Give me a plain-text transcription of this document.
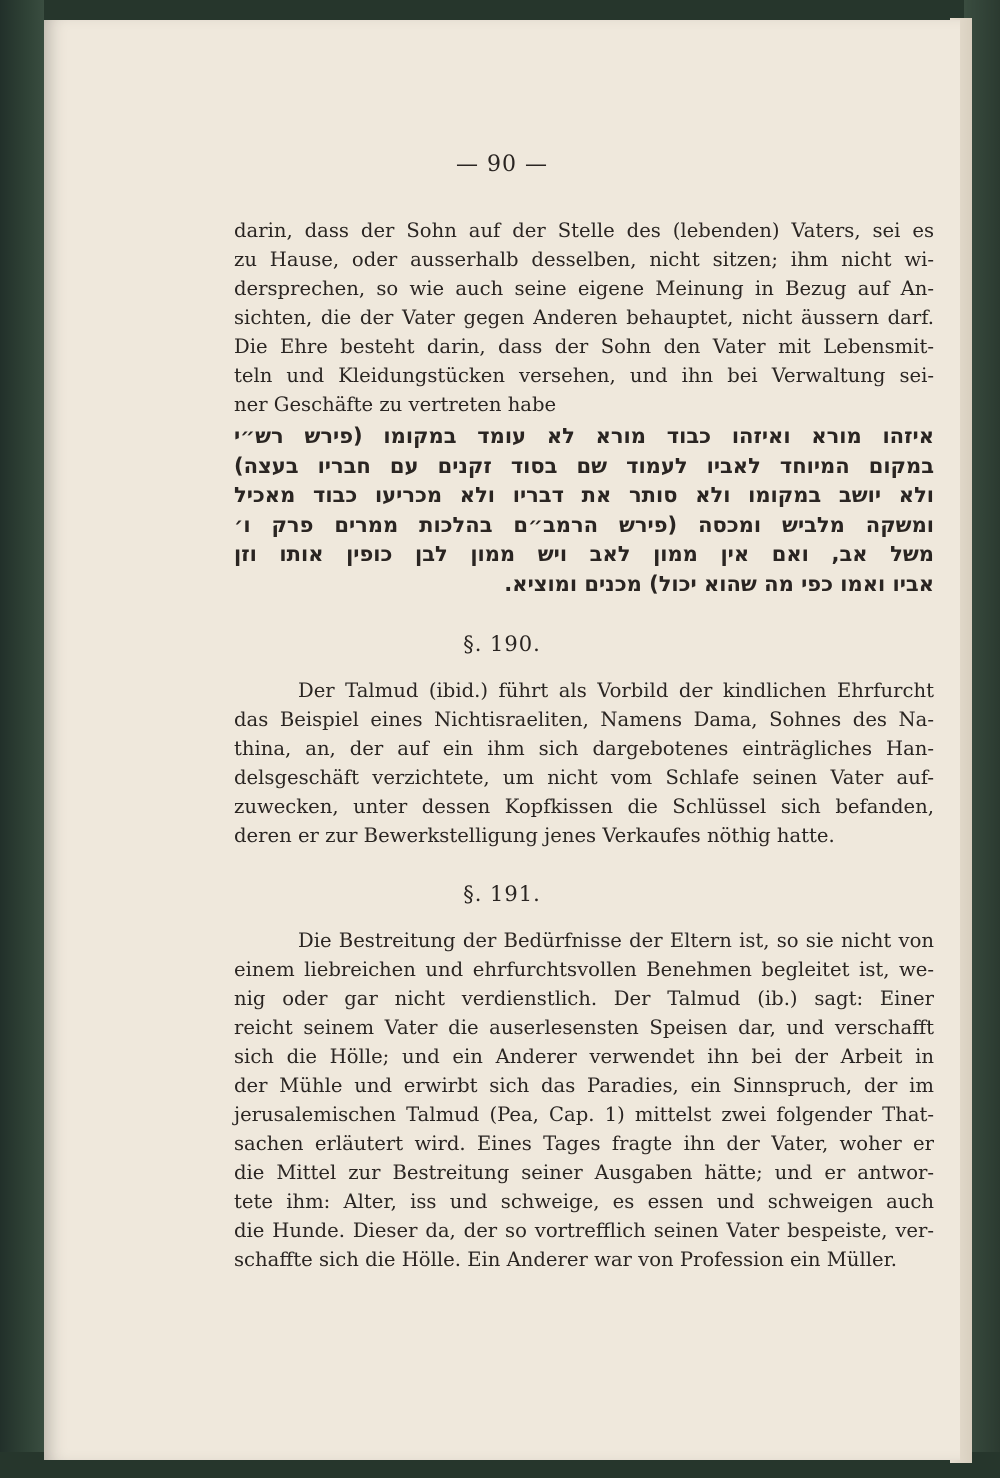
— 90 —
darin, dass der Sohn auf der Stelle des (lebenden) Vaters, sei es
zu Hause, oder ausserhalb desselben, nicht sitzen; ihm nicht wi-
dersprechen, so wie auch seine eigene Meinung in Bezug auf An-
sichten, die der Vater gegen Anderen behauptet, nicht äussern darf.
Die Ehre besteht darin, dass der Sohn den Vater mit Lebensmit-
teln und Kleidungstücken versehen, und ihn bei Verwaltung sei-
ner Geschäfte zu vertreten habe
איזהו מורא ואיזהו כבוד מורא לא עומד במקומו (פירש רש״י
במקום המיוחד לאביו לעמוד שם בסוד זקנים עם חבריו בעצה)
ולא יושב במקומו ולא סותר את דבריו ולא מכריעו כבוד מאכיל
ומשקה מלביש ומכסה (פירש הרמב״ם בהלכות ממרים פרק ו׳
משל אב, ואם אין ממון לאב ויש ממון לבן כופין אותו וזן
אביו ואמו כפי מה שהוא יכול) מכנים ומוציא.
§. 190.
Der Talmud (ibid.) führt als Vorbild der kindlichen Ehrfurcht
das Beispiel eines Nichtisraeliten, Namens Dama, Sohnes des Na-
thina, an, der auf ein ihm sich dargebotenes einträgliches Han-
delsgeschäft verzichtete, um nicht vom Schlafe seinen Vater auf-
zuwecken, unter dessen Kopfkissen die Schlüssel sich befanden,
deren er zur Bewerkstelligung jenes Verkaufes nöthig hatte.
§. 191.
Die Bestreitung der Bedürfnisse der Eltern ist, so sie nicht von
einem liebreichen und ehrfurchtsvollen Benehmen begleitet ist, we-
nig oder gar nicht verdienstlich. Der Talmud (ib.) sagt: Einer
reicht seinem Vater die auserlesensten Speisen dar, und verschafft
sich die Hölle; und ein Anderer verwendet ihn bei der Arbeit in
der Mühle und erwirbt sich das Paradies, ein Sinnspruch, der im
jerusalemischen Talmud (Pea, Cap. 1) mittelst zwei folgender That-
sachen erläutert wird. Eines Tages fragte ihn der Vater, woher er
die Mittel zur Bestreitung seiner Ausgaben hätte; und er antwor-
tete ihm: Alter, iss und schweige, es essen und schweigen auch
die Hunde. Dieser da, der so vortrefflich seinen Vater bespeiste, ver-
schaffte sich die Hölle. Ein Anderer war von Profession ein Müller.
